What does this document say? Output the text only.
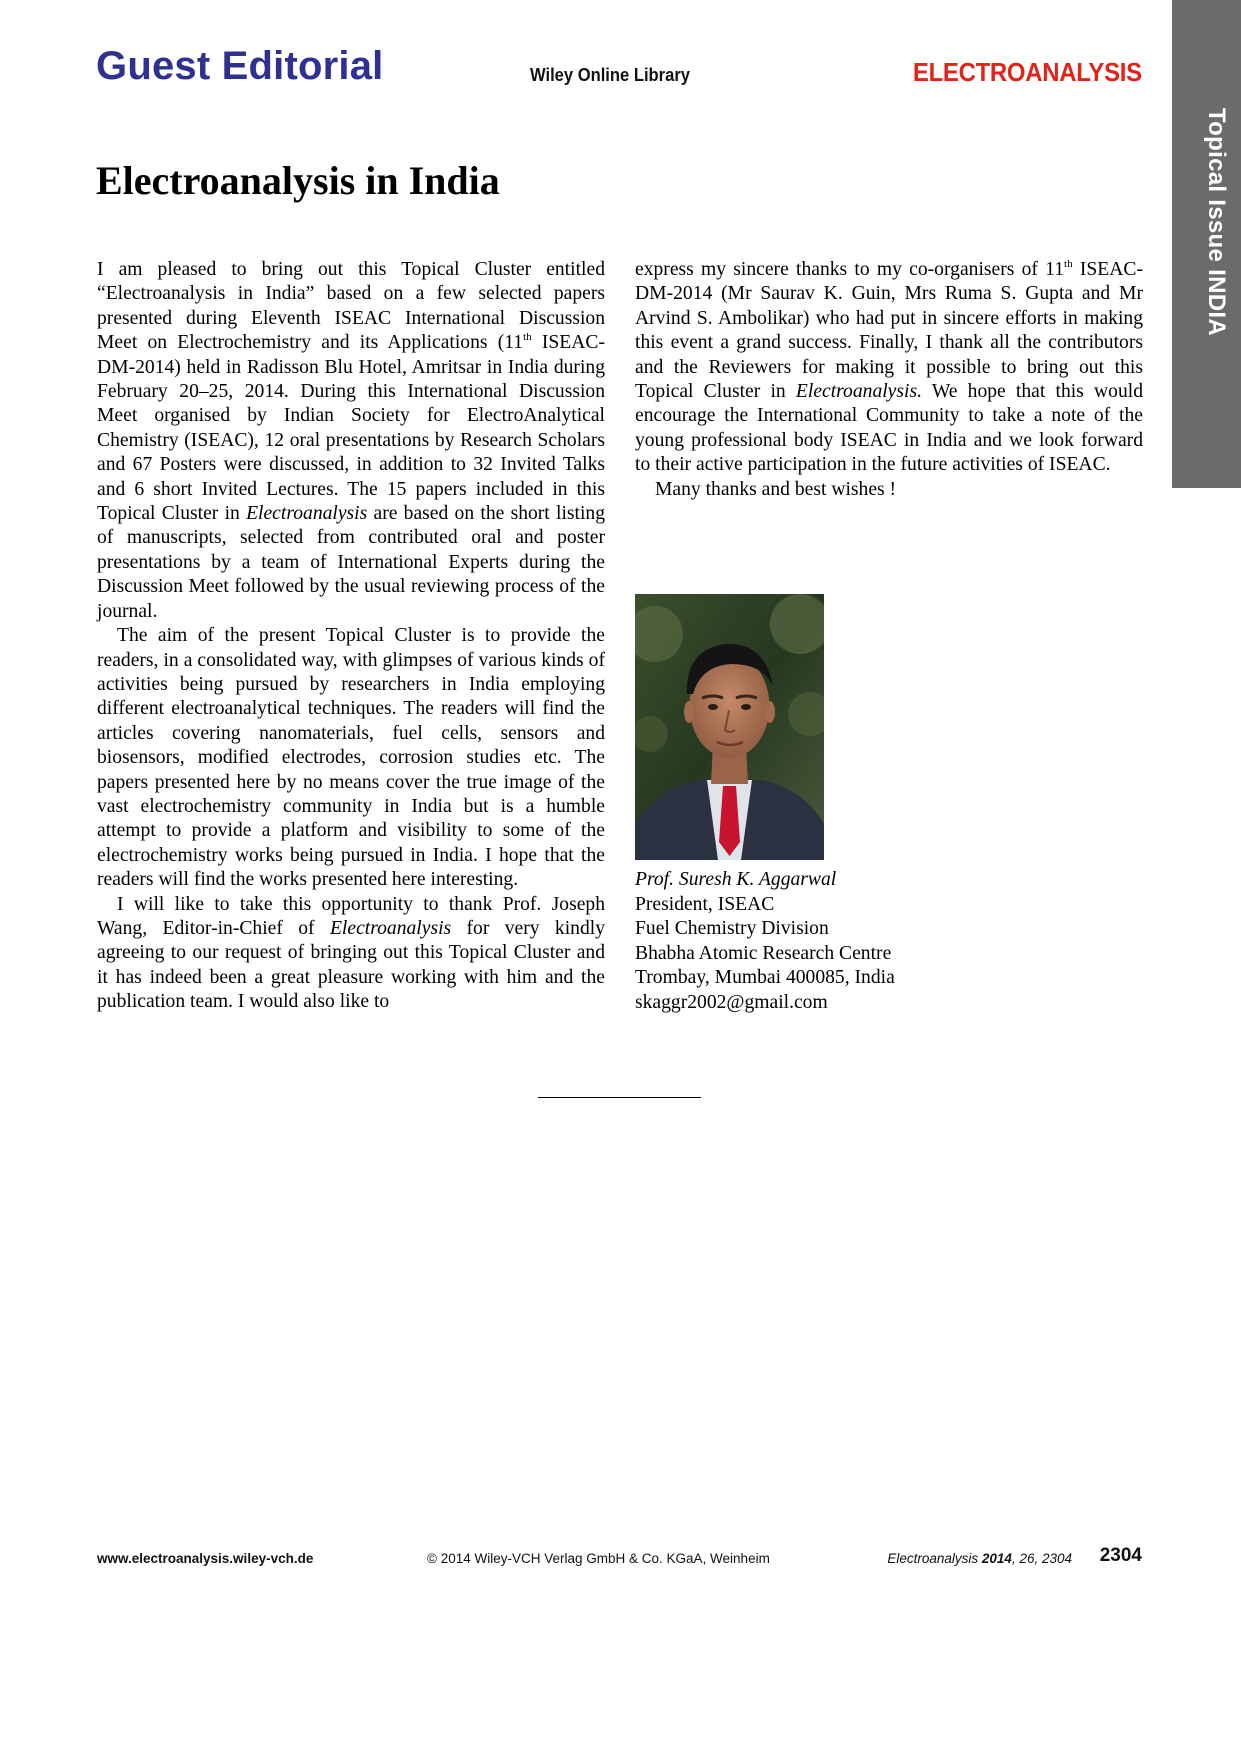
Guest Editorial	Wiley Online Library	ELECTROANALYSIS
Topical Issue INDIA
Electroanalysis in India

I am pleased to bring out this Topical Cluster entitled “Electroanalysis in India” based on a few selected papers presented during Eleventh ISEAC International Discussion Meet on Electrochemistry and its Applications (11th ISEAC-DM-2014) held in Radisson Blu Hotel, Amritsar in India during February 20–25, 2014. During this International Discussion Meet organised by Indian Society for ElectroAnalytical Chemistry (ISEAC), 12 oral presentations by Research Scholars and 67 Posters were discussed, in addition to 32 Invited Talks and 6 short Invited Lectures. The 15 papers included in this Topical Cluster in Electroanalysis are based on the short listing of manuscripts, selected from contributed oral and poster presentations by a team of International Experts during the Discussion Meet followed by the usual reviewing process of the journal.

The aim of the present Topical Cluster is to provide the readers, in a consolidated way, with glimpses of various kinds of activities being pursued by researchers in India employing different electroanalytical techniques. The readers will find the articles covering nanomaterials, fuel cells, sensors and biosensors, modified electrodes, corrosion studies etc. The papers presented here by no means cover the true image of the vast electrochemistry community in India but is a humble attempt to provide a platform and visibility to some of the electrochemistry works being pursued in India. I hope that the readers will find the works presented here interesting.

I will like to take this opportunity to thank Prof. Joseph Wang, Editor-in-Chief of Electroanalysis for very kindly agreeing to our request of bringing out this Topical Cluster and it has indeed been a great pleasure working with him and the publication team. I would also like to

express my sincere thanks to my co-organisers of 11th ISEAC-DM-2014 (Mr Saurav K. Guin, Mrs Ruma S. Gupta and Mr Arvind S. Ambolikar) who had put in sincere efforts in making this event a grand success. Finally, I thank all the contributors and the Reviewers for making it possible to bring out this Topical Cluster in Electroanalysis. We hope that this would encourage the International Community to take a note of the young professional body ISEAC in India and we look forward to their active participation in the future activities of ISEAC.

Many thanks and best wishes !

Prof. Suresh K. Aggarwal
President, ISEAC
Fuel Chemistry Division
Bhabha Atomic Research Centre
Trombay, Mumbai 400085, India
skaggr2002@gmail.com
www.electroanalysis.wiley-vch.de	© 2014 Wiley-VCH Verlag GmbH & Co. KGaA, Weinheim	Electroanalysis 2014, 26, 2304 2304
